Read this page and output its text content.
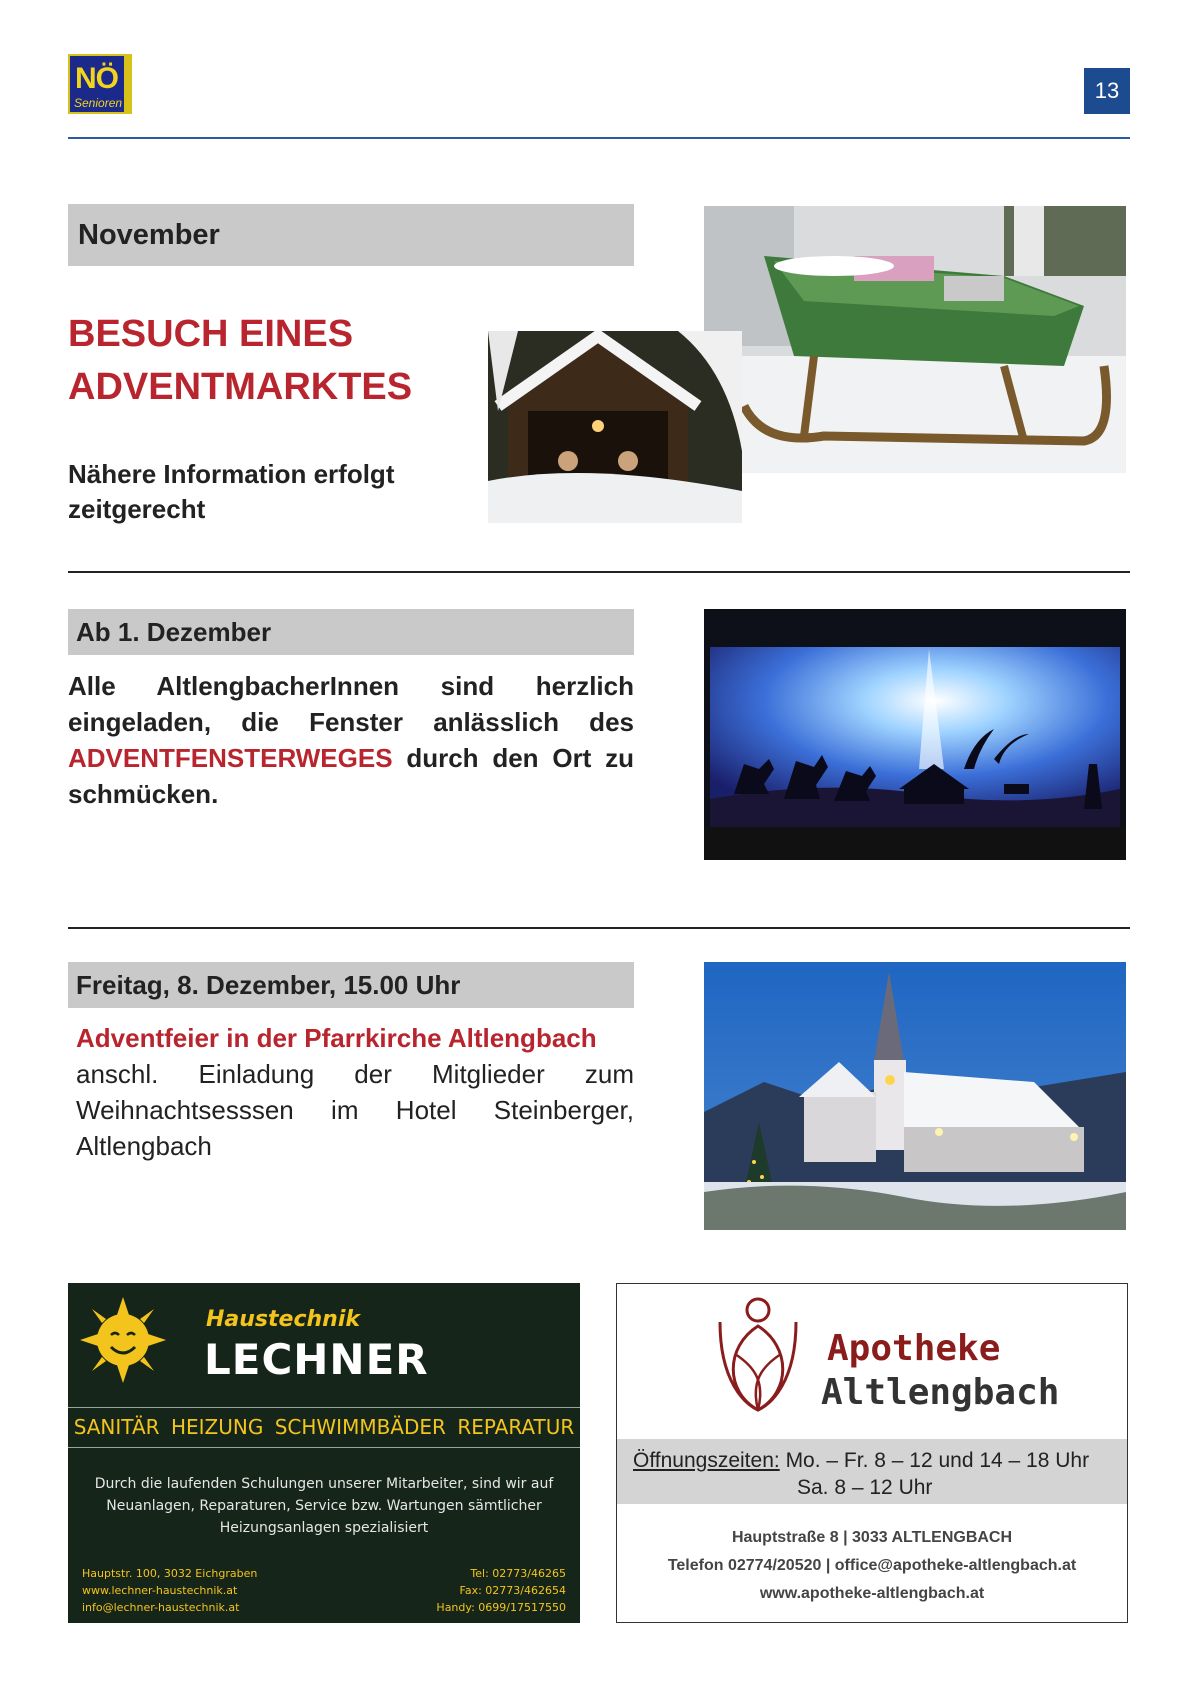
NÖ
Senioren	13
November
BESUCH EINES
ADVENTMARKTES
Nähere Information erfolgt
zeitgerecht
Ab 1. Dezember
Alle AltlengbacherInnen sind herzlich eingeladen, die Fenster anlässlich des ADVENTFENSTERWEGES durch den Ort zu schmücken.
Freitag, 8. Dezember, 15.00 Uhr
Adventfeier in der Pfarrkirche Altlengbach
anschl. Einladung der Mitglieder zum Weihnachtsesssen im Hotel Steinberger, Altlengbach
Haustechnik
LECHNER
SANITÄR HEIZUNG SCHWIMMBÄDER REPARATUR
Durch die laufenden Schulungen unserer Mitarbeiter, sind wir auf
Neuanlagen, Reparaturen, Service bzw. Wartungen sämtlicher
Heizungsanlagen spezialisiert
Hauptstr. 100, 3032 Eichgraben
www.lechner-haustechnik.at
info@lechner-haustechnik.at
Tel: 02773/46265
Fax: 02773/462654
Handy: 0699/17517550
Apotheke
Altlengbach
Öffnungszeiten: Mo. – Fr. 8 – 12 und 14 – 18 Uhr
Sa. 8 – 12 Uhr
Hauptstraße 8 | 3033 ALTLENGBACH
Telefon 02774/20520 | office@apotheke-altlengbach.at
www.apotheke-altlengbach.at
